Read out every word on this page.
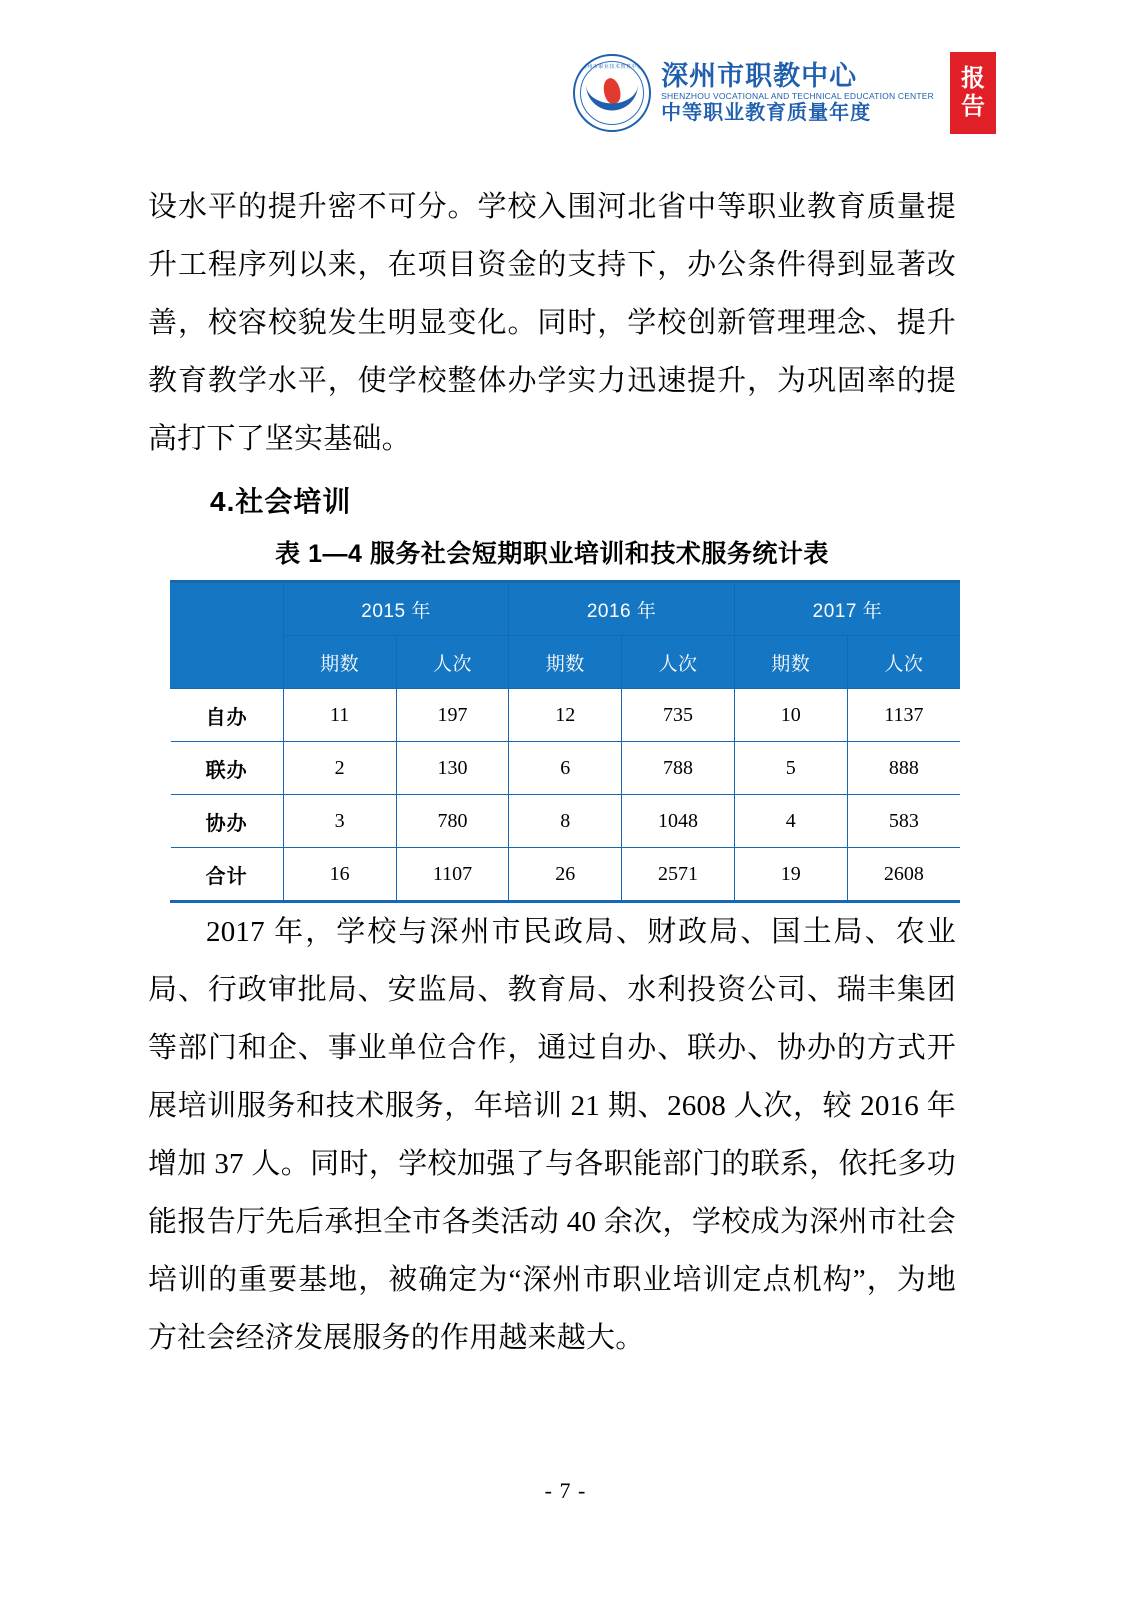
深州市职业技术教育中心 深州市职教中心
SHENZHOU VOCATIONAL AND TECHNICAL EDUCATION CENTER
中等职业教育质量年度
报
告

设水平的提升密不可分。学校入围河北省中等职业教育质量提升工程序列以来，在项目资金的支持下，办公条件得到显著改善，校容校貌发生明显变化。同时，学校创新管理理念、提升教育教学水平，使学校整体办学实力迅速提升，为巩固率的提高打下了坚实基础。

4.社会培训
表 1—4 服务社会短期职业培训和技术服务统计表
	2015 年		2016 年		2017 年	
	期数	人次	期数	人次	期数	人次
自办	11	197	12	735	10	1137
联办	2	130	6	788	5	888
协办	3	780	8	1048	4	583
合计	16	1107	26	2571	19	2608

2017 年，学校与深州市民政局、财政局、国土局、农业局、行政审批局、安监局、教育局、水利投资公司、瑞丰集团等部门和企、事业单位合作，通过自办、联办、协办的方式开展培训服务和技术服务，年培训 21 期、2608 人次，较 2016 年增加 37 人。同时，学校加强了与各职能部门的联系，依托多功能报告厅先后承担全市各类活动 40 余次，学校成为深州市社会培训的重要基地，被确定为“深州市职业培训定点机构”，为地方社会经济发展服务的作用越来越大。

- 7 -
